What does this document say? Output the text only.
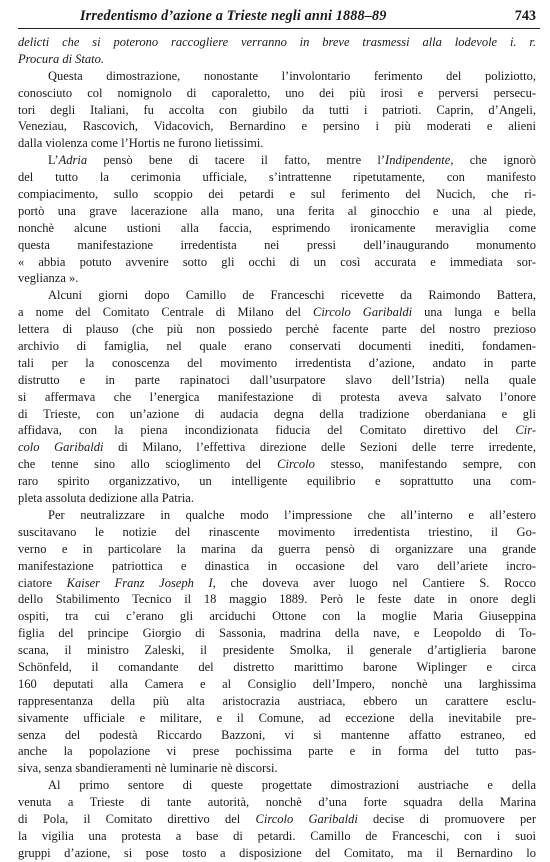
Irredentismo d’azione a Trieste negli anni 1888–89	743
delicti che si poterono raccogliere verranno in breve trasmessi alla lodevole i. r.
Procura di Stato.
Questa dimostrazione, nonostante l’involontario ferimento del poliziotto,
conosciuto col nomignolo di caporaletto, uno dei più irosi e perversi persecu-
tori degli Italiani, fu accolta con giubilo da tutti i patrioti. Caprin, d’Angeli,
Veneziau, Rascovich, Vidacovich, Bernardino e persino i più moderati e alieni
dalla violenza come l’Hortis ne furono lietissimi.
L’Adria pensò bene di tacere il fatto, mentre l’Indipendente, che ignorò
del tutto la cerimonia ufficiale, s’intrattenne ripetutamente, con manifesto
compiacimento, sullo scoppio dei petardi e sul ferimento del Nucich, che ri-
portò una grave lacerazione alla mano, una ferita al ginocchio e una al piede,
nonchè alcune ustioni alla faccia, esprimendo ironicamente meraviglia come
questa manifestazione irredentista nei pressi dell’inaugurando monumento
« abbia potuto avvenire sotto gli occhi di un così accurata e immediata sor-
veglianza ».
Alcuni giorni dopo Camillo de Franceschi ricevette da Raimondo Battera,
a nome del Comitato Centrale di Milano del Circolo Garibaldi una lunga e bella
lettera di plauso (che più non possiedo perchè facente parte del nostro prezioso
archivio di famiglia, nel quale erano conservati documenti inediti, fondamen-
tali per la conoscenza del movimento irredentista d’azione, andato in parte
distrutto e in parte rapinatoci dall’usurpatore slavo dell’Istria) nella quale
si affermava che l’energica manifestazione di protesta aveva salvato l’onore
di Trieste, con un’azione di audacia degna della tradizione oberdaniana e gli
affidava, con la piena incondizionata fiducia del Comitato direttivo del Cir-
colo Garibaldi di Milano, l’effettiva direzione delle Sezioni delle terre irredente,
che tenne sino allo scioglimento del Circolo stesso, manifestando sempre, con
raro spirito organizzativo, un intelligente equilibrio e soprattutto una com-
pleta assoluta dedizione alla Patria.
Per neutralizzare in qualche modo l’impressione che all’interno e all’estero
suscitavano le notizie del rinascente movimento irredentista triestino, il Go-
verno e in particolare la marina da guerra pensò di organizzare una grande
manifestazione patriottica e dinastica in occasione del varo dell’ariete incro-
ciatore Kaiser Franz Joseph I, che doveva aver luogo nel Cantiere S. Rocco
dello Stabilimento Tecnico il 18 maggio 1889. Però le feste date in onore degli
ospiti, tra cui c’erano gli arciduchi Ottone con la moglie Maria Giuseppina
figlia del principe Giorgio di Sassonia, madrina della nave, e Leopoldo di To-
scana, il ministro Zaleski, il presidente Smolka, il generale d’artiglieria barone
Schönfeld, il comandante del distretto marittimo barone Wiplinger e circa
160 deputati alla Camera e al Consiglio dell’Impero, nonchè una larghissima
rappresentanza della più alta aristocrazia austriaca, ebbero un carattere esclu-
sivamente ufficiale e militare, e il Comune, ad eccezione della inevitabile pre-
senza del podestà Riccardo Bazzoni, vi si mantenne affatto estraneo, ed
anche la popolazione vi prese pochissima parte e in forma del tutto pas-
siva, senza sbandieramenti nè luminarie nè discorsi.
Al primo sentore di queste progettate dimostrazioni austriache e della
venuta a Trieste di tante autorità, nonchè d’una forte squadra della Marina
di Pola, il Comitato direttivo del Circolo Garibaldi decise di promuovere per
la vigilia una protesta a base di petardi. Camillo de Franceschi, con i suoi
gruppi d’azione, si pose tosto a disposizione del Comitato, ma il Bernardino lo
